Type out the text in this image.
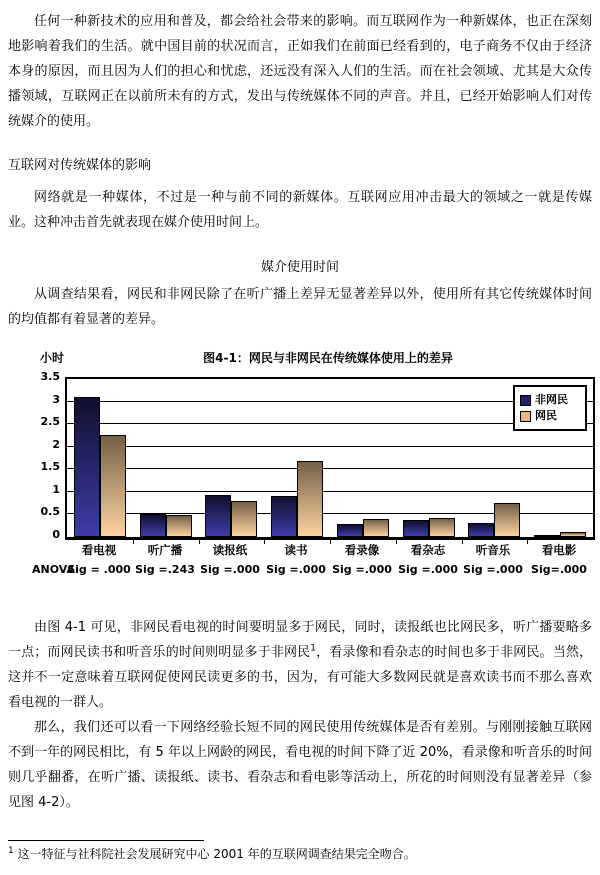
任何一种新技术的应用和普及，都会给社会带来的影响。而互联网作为一种新媒体，也正在深刻地影响着我们的生活。就中国目前的状况而言，正如我们在前面已经看到的，电子商务不仅由于经济本身的原因，而且因为人们的担心和忧虑，还远没有深入人们的生活。而在社会领域、尤其是大众传播领域，互联网正在以前所未有的方式，发出与传统媒体不同的声音。并且，已经开始影响人们对传统媒介的使用。

互联网对传统媒体的影响

网络就是一种媒体，不过是一种与前不同的新媒体。互联网应用冲击最大的领域之一就是传媒业。这种冲击首先就表现在媒介使用时间上。

媒介使用时间

从调查结果看，网民和非网民除了在听广播上差异无显著差异以外，使用所有其它传统媒体时间的均值都有着显著的差异。

小时	图4-1：网民与非网民在传统媒体使用上的差异
非网民
网民
ANOVA
3.5
3
2.5
2
1.5
1
0.5
0
看电视
Sig = .000
听广播
Sig =.243
读报纸
Sig =.000
读书
Sig =.000
看录像
Sig =.000
看杂志
Sig =.000
听音乐
Sig =.000
看电影
Sig=.000

由图 4-1 可见，非网民看电视的时间要明显多于网民，同时，读报纸也比网民多，听广播要略多一点；而网民读书和听音乐的时间则明显多于非网民$^1$，看录像和看杂志的时间也多于非网民。当然，这并不一定意味着互联网促使网民读更多的书，因为，有可能大多数网民就是喜欢读书而不那么喜欢看电视的一群人。

那么，我们还可以看一下网络经验长短不同的网民使用传统媒体是否有差别。与刚刚接触互联网不到一年的网民相比，有 5 年以上网龄的网民，看电视的时间下降了近 20%，看录像和听音乐的时间则几乎翻番，在听广播、读报纸、读书、看杂志和看电影等活动上，所花的时间则没有显著差异（参见图 4-2）。

$^1$ 这一特征与社科院社会发展研究中心 2001 年的互联网调查结果完全吻合。
